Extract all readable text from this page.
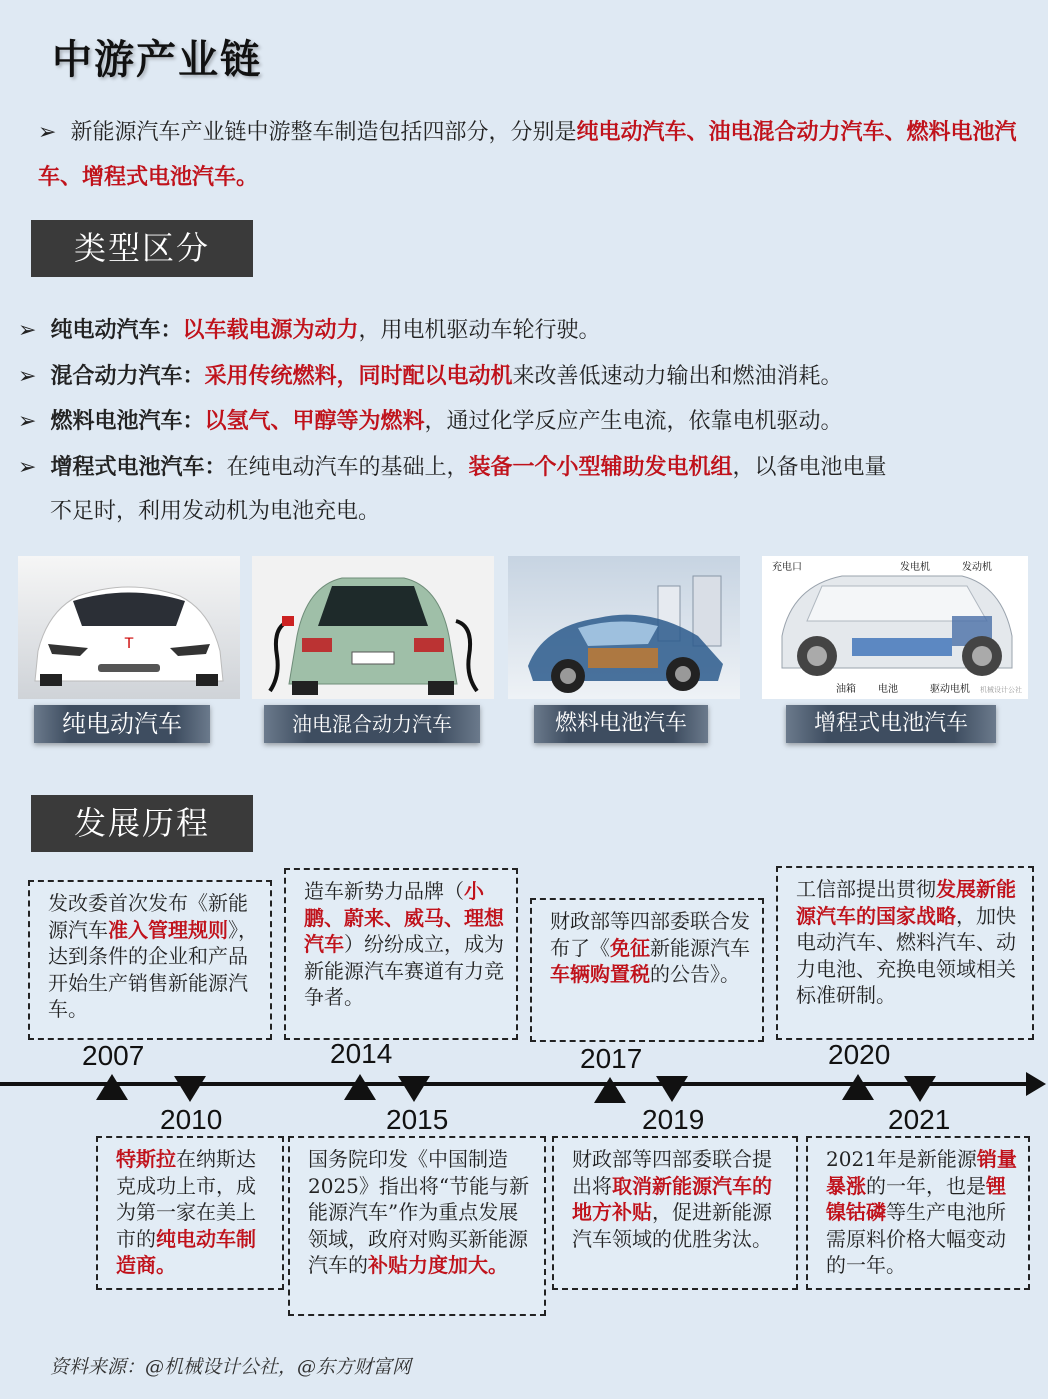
中游产业链
➢ 新能源汽车产业链中游整车制造包括四部分，分别是纯电动汽车、油电混合动力汽车、燃料电池汽车、增程式电池汽车。
类型区分

➢ 纯电动汽车：以车载电源为动力，用电机驱动车轮行驶。

➢ 混合动力汽车：采用传统燃料，同时配以电动机来改善低速动力输出和燃油消耗。

➢ 燃料电池汽车：以氢气、甲醇等为燃料，通过化学反应产生电流，依靠电机驱动。

➢ 增程式电池汽车：在纯电动汽车的基础上，装备一个小型辅助发电机组，以备电池电量

不足时，利用发动机为电池充电。

T
充电口	发电机	发动机
油箱 电池	驱动电机 机械设计公社
纯电动汽车	油电混合动力汽车	燃料电池汽车	增程式电池汽车
发展历程
发改委首次发布《新能源汽车准入管理规则》，达到条件的企业和产品开始生产销售新能源汽车。
造车新势力品牌（小鹏、蔚来、威马、理想汽车）纷纷成立，成为新能源汽车赛道有力竞争者。
财政部等四部委联合发布了《免征新能源汽车车辆购置税的公告》。
工信部提出贯彻发展新能源汽车的国家战略，加快电动汽车、燃料汽车、动力电池、充换电领域相关标准研制。
2007	2014	2017	2020
2010	2015	2019	2021
特斯拉在纳斯达克成功上市，成为第一家在美上市的纯电动车制造商。
国务院印发《中国制造2025》指出将“节能与新能源汽车”作为重点发展领域，政府对购买新能源汽车的补贴力度加大。
财政部等四部委联合提出将取消新能源汽车的地方补贴，促进新能源汽车领域的优胜劣汰。
2021年是新能源销量暴涨的一年，也是锂镍钴磷等生产电池所需原料价格大幅变动的一年。
资料来源：@机械设计公社，@东方财富网
